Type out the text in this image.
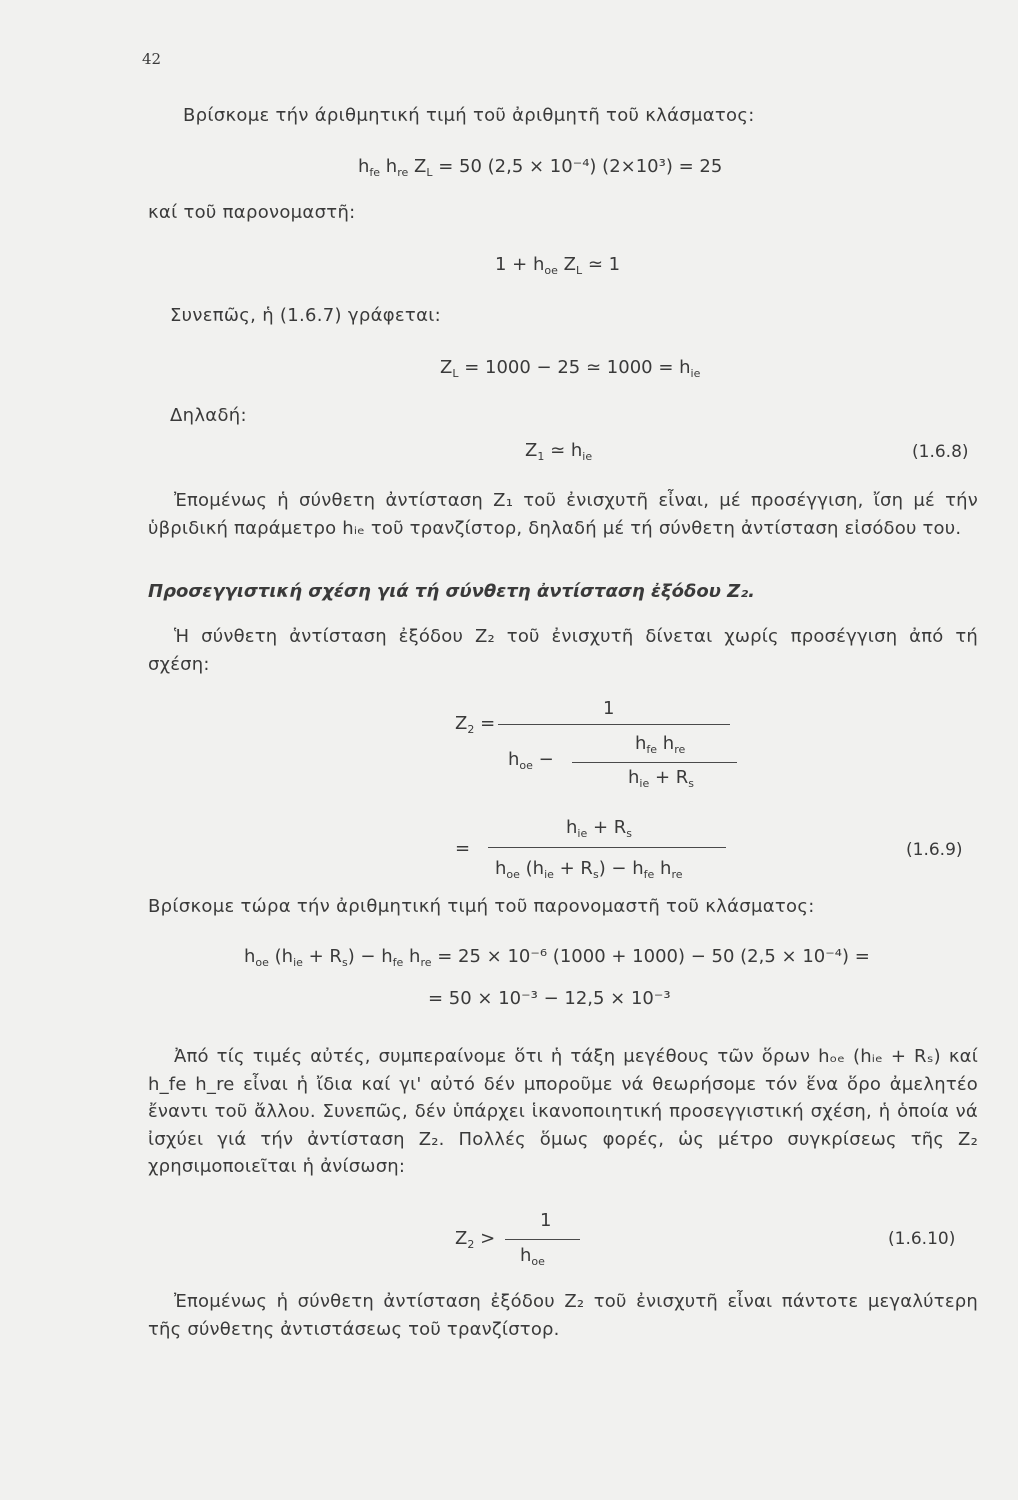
42
Βρίσκομε τήν άριθμητική τιμή τοῦ ἀριθμητῆ τοῦ κλάσματος:
$h_{fe}$ $h_{re}$ $Z_L = 50$ (2,5 × 10⁻⁴) (2×10³) = 25
καί τοῦ παρονομαστῆ:
$1 + h_{oe}$ $Z_L$ ≃ 1
Συνεπῶς, ἡ (1.6.7) γράφεται:
$Z_L = 1000 - 25$ ≃ $1000 = h_{ie}$
Δηλαδή:
$Z_1$ ≃ $h_{ie}$	(1.6.8)
Ἐπομένως ἡ σύνθετη ἀντίσταση Z₁ τοῦ ἐνισχυτῆ εἶναι, μέ προσέγγιση, ἴση μέ τήν ὑβριδική παράμετρο hᵢₑ τοῦ τρανζίστορ, δηλαδή μέ τή σύνθετη ἀντίσταση εἰσόδου του.
Προσεγγιστική σχέση γιά τή σύνθετη ἀντίσταση ἐξόδου Z₂.
Ἡ σύνθετη ἀντίσταση ἐξόδου Z₂ τοῦ ἐνισχυτῆ δίνεται χωρίς προσέγγιση ἀπό τή σχέση:
$Z_2$ =
1
$h_{oe}$ −
$h_{fe}$ $h_{re}$
$h_{ie} + R_s$
=
$h_{ie} + R_s$
$h_{oe}$ $(h_{ie} + R_s) - h_{fe}$ $h_{re}$
(1.6.9)
Βρίσκομε τώρα τήν ἀριθμητική τιμή τοῦ παρονομαστῆ τοῦ κλάσματος:
$h_{oe}$ $(h_{ie} + R_s) - h_{fe}$ $h_{re} = 25 \times 10^{-6}$ (1000 + 1000) − 50 (2,5 × 10⁻⁴) =
= 50 × 10⁻³ − 12,5 × 10⁻³
Ἀπό τίς τιμές αὐτές, συμπεραίνομε ὅτι ἡ τάξη μεγέθους τῶν ὅρων hₒₑ (hᵢₑ + Rₛ) καί h_fe h_re εἶναι ἡ ἴδια καί γι' αὐτό δέν μποροῦμε νά θεωρήσομε τόν ἕνα ὅρο ἀμελητέο ἔναντι τοῦ ἄλλου. Συνεπῶς, δέν ὑπάρχει ἱκανοποιητική προσεγγιστική σχέση, ἡ ὁποία νά ἰσχύει γιά τήν ἀντίσταση Z₂. Πολλές ὅμως φορές, ὡς μέτρο συγκρίσεως τῆς Z₂ χρησιμοποιεῖται ἡ ἀνίσωση:
$Z_2$ >
1
$h_{oe}$
(1.6.10)
Ἐπομένως ἡ σύνθετη ἀντίσταση ἐξόδου Z₂ τοῦ ἐνισχυτῆ εἶναι πάντοτε μεγαλύτερη τῆς σύνθετης ἀντιστάσεως τοῦ τρανζίστορ.
